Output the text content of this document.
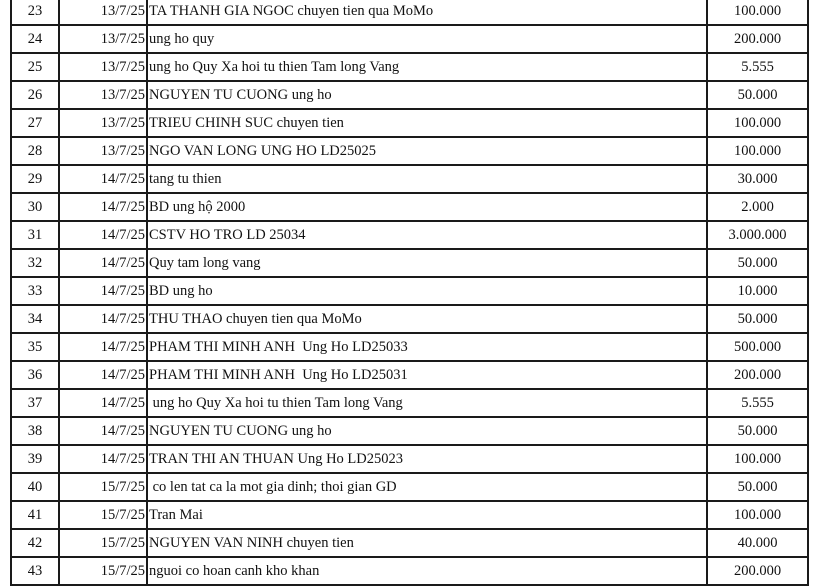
23	13/7/25	TA THANH GIA NGOC chuyen tien qua MoMo	100.000
24	13/7/25	ung ho quy	200.000
25	13/7/25	ung ho Quy Xa hoi tu thien Tam long Vang	5.555
26	13/7/25	NGUYEN TU CUONG ung ho	50.000
27	13/7/25	TRIEU CHINH SUC chuyen tien	100.000
28	13/7/25	NGO VAN LONG UNG HO LD25025	100.000
29	14/7/25	tang tu thien	30.000
30	14/7/25	BD ung hộ 2000	2.000
31	14/7/25	CSTV HO TRO LD 25034	3.000.000
32	14/7/25	Quy tam long vang	50.000
33	14/7/25	BD ung ho	10.000
34	14/7/25	THU THAO chuyen tien qua MoMo	50.000
35	14/7/25	PHAM THI MINH ANH  Ung Ho LD25033	500.000
36	14/7/25	PHAM THI MINH ANH  Ung Ho LD25031	200.000
37	14/7/25	ung ho Quy Xa hoi tu thien Tam long Vang	5.555
38	14/7/25	NGUYEN TU CUONG ung ho	50.000
39	14/7/25	TRAN THI AN THUAN Ung Ho LD25023	100.000
40	15/7/25	co len tat ca la mot gia dinh; thoi gian GD	50.000
41	15/7/25	Tran Mai	100.000
42	15/7/25	NGUYEN VAN NINH chuyen tien	40.000
43	15/7/25	nguoi co hoan canh kho khan	200.000
